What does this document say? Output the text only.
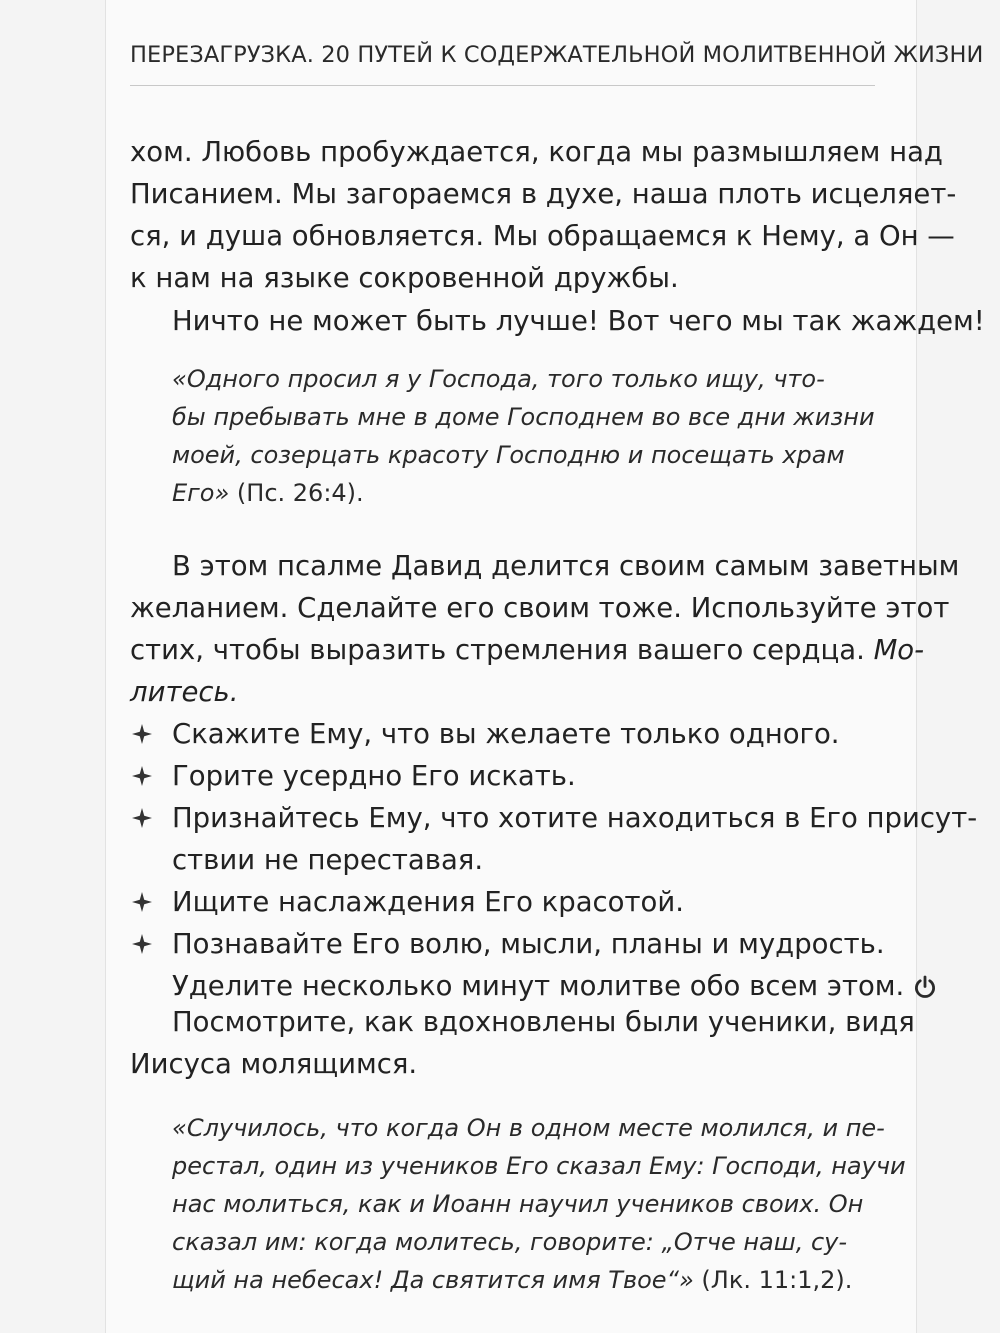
ПЕРЕЗАГРУЗКА. 20 ПУТЕЙ К СОДЕРЖАТЕЛЬНОЙ МОЛИТВЕННОЙ ЖИЗНИ
хом. Любовь пробуждается, когда мы размышляем над
Писанием. Мы загораемся в духе, наша плоть исцеляет-
ся, и душа обновляется. Мы обращаемся к Нему, а Он —
к нам на языке сокровенной дружбы.
Ничто не может быть лучше! Вот чего мы так жаждем!
«Одного просил я у Господа, того только ищу, что-
бы пребывать мне в доме Господнем во все дни жизни
моей, созерцать красоту Господню и посещать храм
Его» (Пс. 26:4).
В этом псалме Давид делится своим самым заветным
желанием. Сделайте его своим тоже. Используйте этот
стих, чтобы выразить стремления вашего сердца. Мо-
литесь.
Скажите Ему, что вы желаете только одного.
Горите усердно Его искать.
Признайтесь Ему, что хотите находиться в Его присут-
ствии не переставая.
Ищите наслаждения Его красотой.
Познавайте Его волю, мысли, планы и мудрость.
Уделите несколько минут молитве обо всем этом.
Посмотрите, как вдохновлены были ученики, видя
Иисуса молящимся.
«Случилось, что когда Он в одном месте молился, и пе-
рестал, один из учеников Его сказал Ему: Господи, научи
нас молиться, как и Иоанн научил учеников своих. Он
сказал им: когда молитесь, говорите: „Отче наш, су-
щий на небесах! Да святится имя Твое“» (Лк. 11:1,2).
